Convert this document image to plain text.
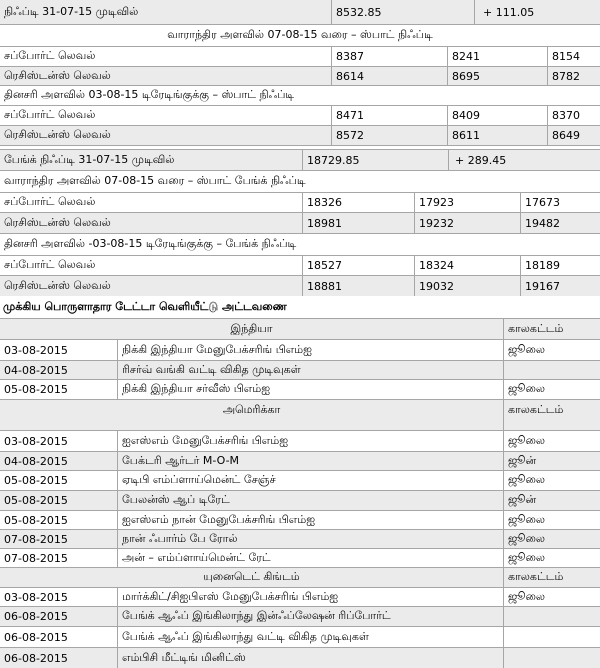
நிஃப்டி 31-07-15 முடிவில்	8532.85	+ 111.05
வாராந்திர அளவில் 07-08-15 வரை – ஸ்பாட் நிஃப்டி
சப்போர்ட் லெவல்	8387	8241	8154
ரெசிஸ்டன்ஸ் லெவல்	8614	8695	8782
தினசரி அளவில் 03-08-15 டிரேடிங்குக்கு – ஸ்பாட் நிஃப்டி
சப்போர்ட் லெவல்	8471	8409	8370
ரெசிஸ்டன்ஸ் லெவல்	8572	8611	8649
பேங்க் நிஃப்டி 31-07-15 முடிவில்	18729.85	+ 289.45
வாராந்திர அளவில் 07-08-15 வரை – ஸ்பாட் பேங்க் நிஃப்டி
சப்போர்ட் லெவல்	18326	17923	17673
ரெசிஸ்டன்ஸ் லெவல்	18981	19232	19482
தினசரி அளவில் -03-08-15 டிரேடிங்குக்கு – பேங்க் நிஃப்டி
சப்போர்ட் லெவல்	18527	18324	18189
ரெசிஸ்டன்ஸ் லெவல்	18881	19032	19167
முக்கிய பொருளாதார டேட்டா வெளியீட்டு அட்டவணை
இந்தியா	காலகட்டம்
03-08-2015	நிக்கி இந்தியா மேனுபேக்சரிங் பிஎம்ஐ	ஜூலை
04-08-2015	ரிசர்வ் வங்கி வட்டி விகித முடிவுகள்
05-08-2015	நிக்கி இந்தியா சர்வீஸ் பிஎம்ஐ	ஜூலை
அமெரிக்கா	காலகட்டம்
03-08-2015	ஐஎஸ்எம் மேனுபேக்சரிங் பிஎம்ஐ	ஜூலை
04-08-2015	பேக்டரி ஆர்டர் M-O-M	ஜூன்
05-08-2015	ஏடிபி எம்ப்ளாய்மென்ட் சேஞ்ச்	ஜூலை
05-08-2015	பேலன்ஸ் ஆப் டிரேட்	ஜூன்
05-08-2015	ஐஎஸ்எம் நான் மேனுபேக்சரிங் பிஎம்ஐ	ஜூலை
07-08-2015	நான் ஃபார்ம் பே ரோல்	ஜூலை
07-08-2015	அன் – எம்ப்ளாய்மென்ட் ரேட்	ஜூலை
யுனைடெட் கிங்டம்	காலகட்டம்
03-08-2015	மார்க்கிட்/சிஐபிஎஸ் மேனுபேக்சரிங் பிஎம்ஐ	ஜூலை
06-08-2015	பேங்க் ஆஃப் இங்கிலாந்து இன்ஃப்லேஷன் ரிப்போர்ட்
06-08-2015	பேங்க் ஆஃப் இங்கிலாந்து வட்டி விகித முடிவுகள்
06-08-2015	எம்பிசி மீட்டிங் மினிட்ஸ்
